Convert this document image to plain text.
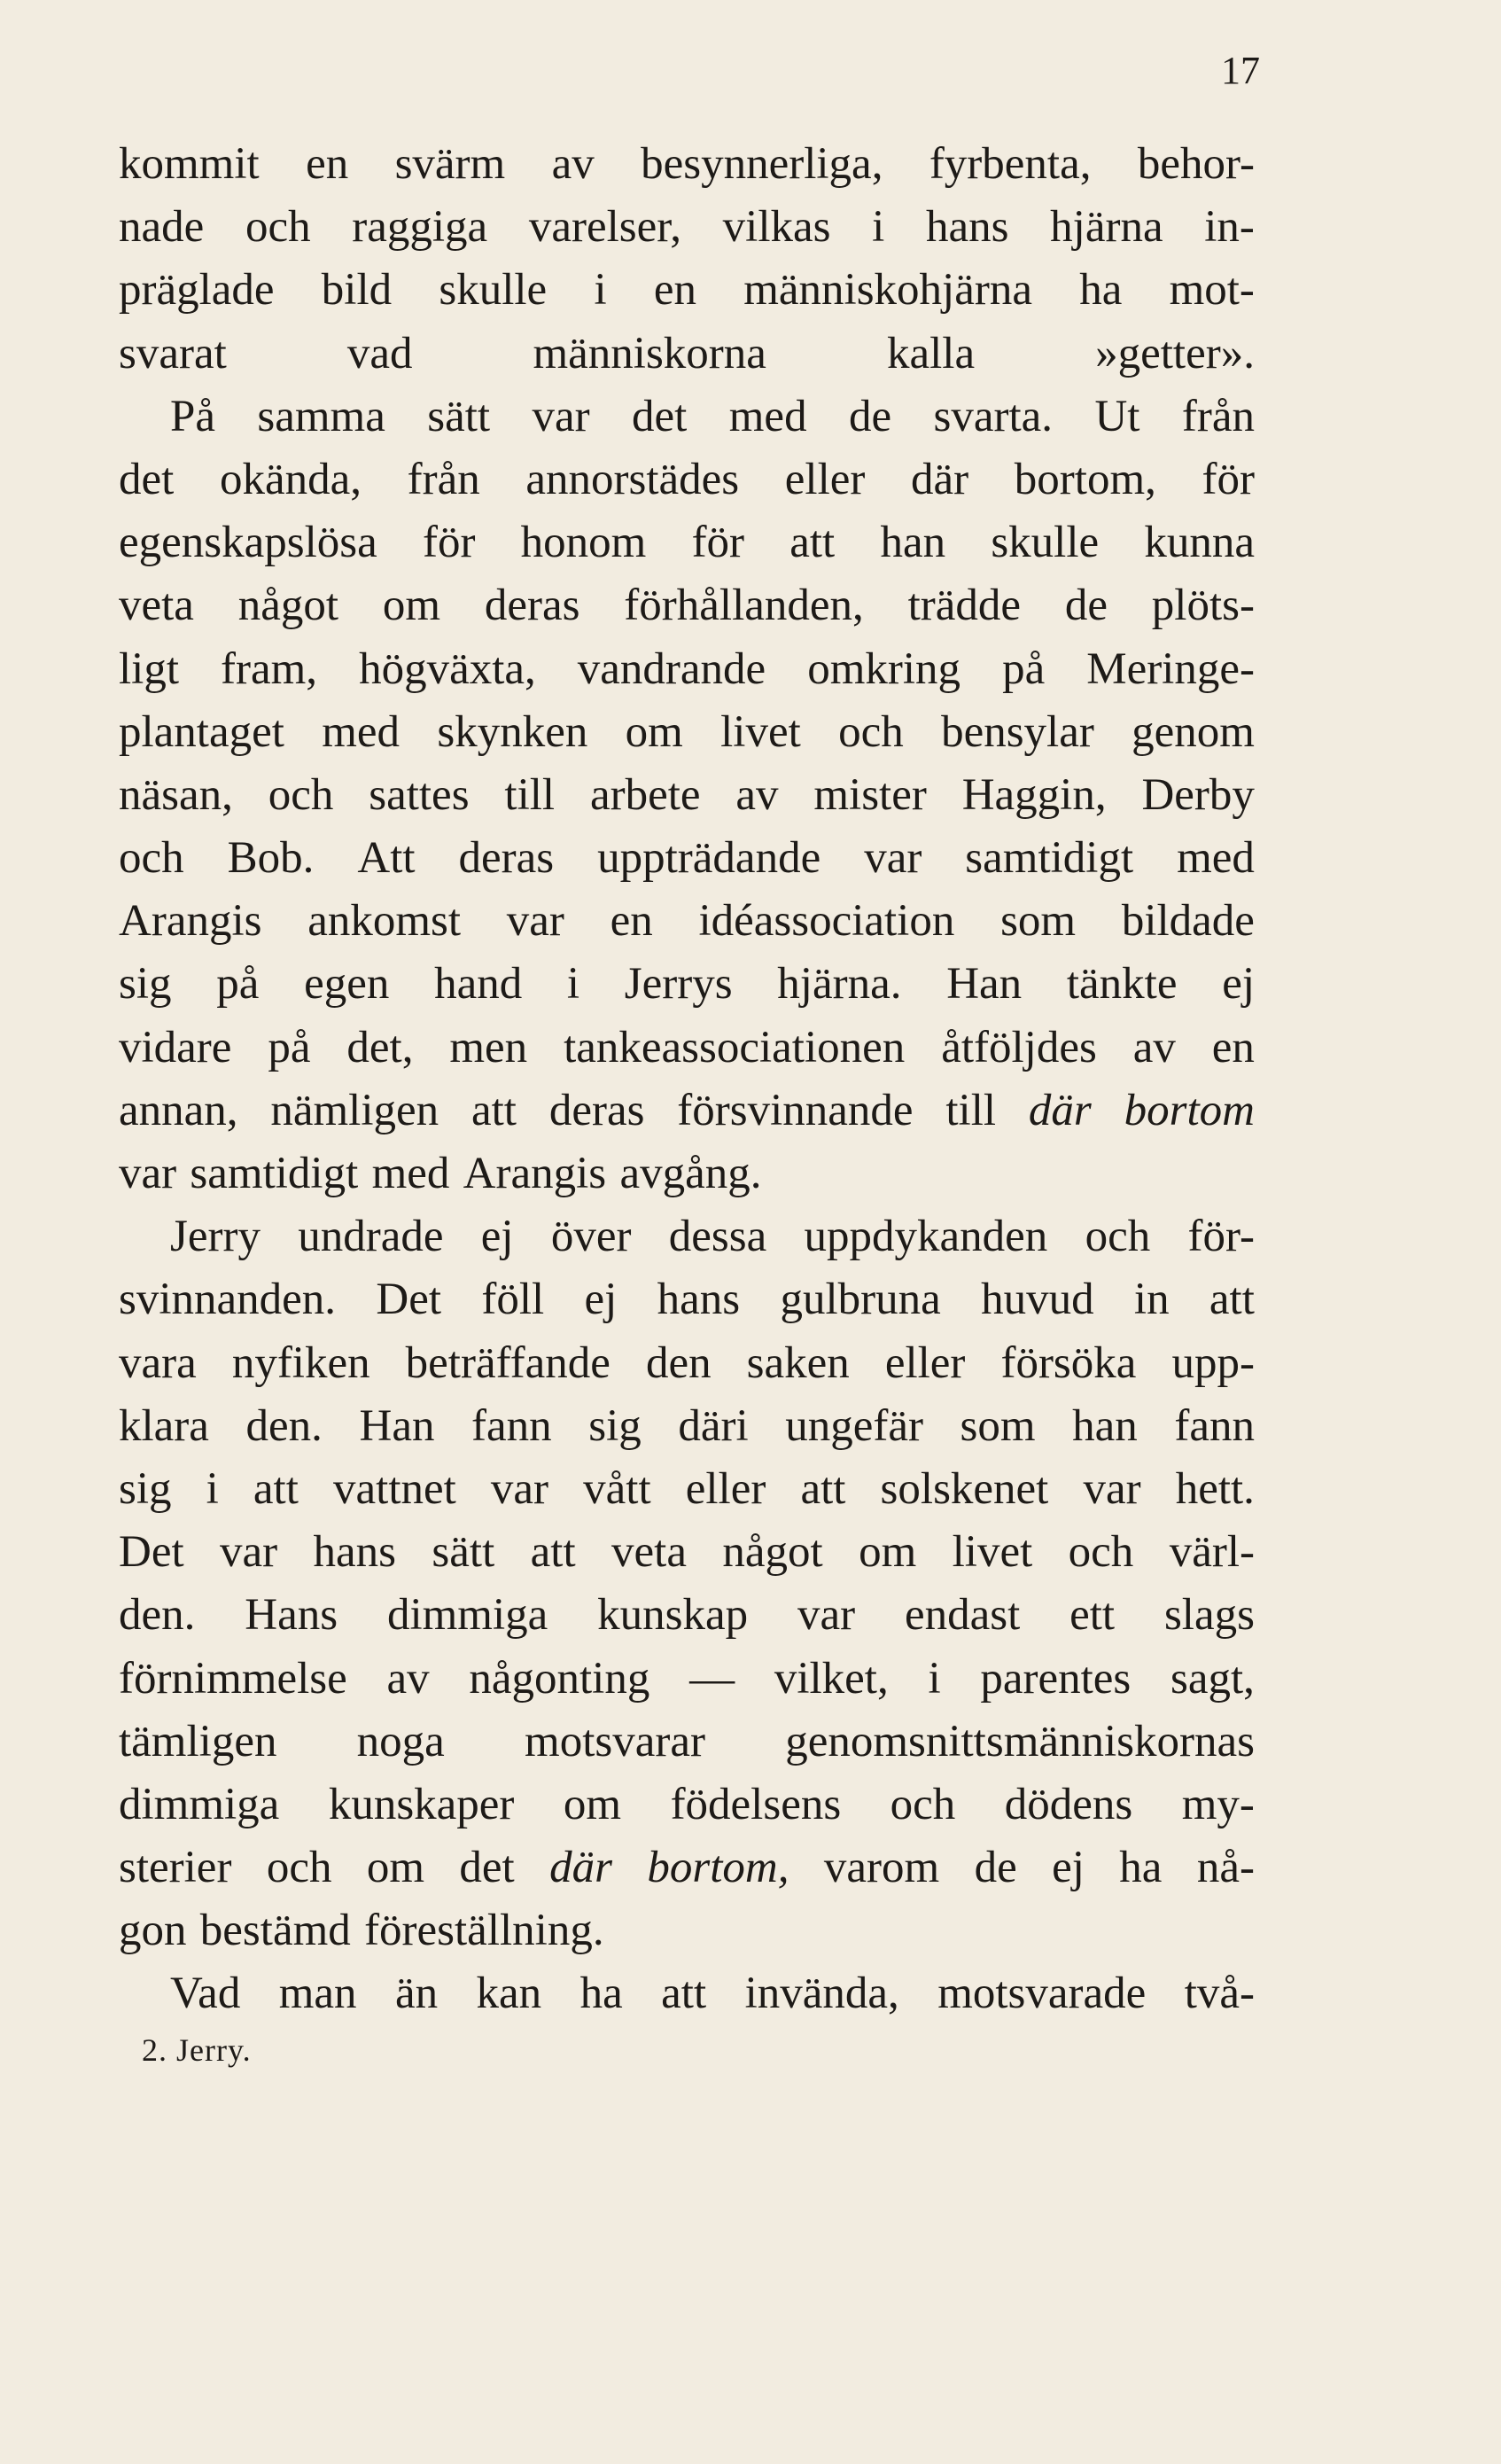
17
kommit en svärm av besynnerliga, fyrbenta, behor-
nade och raggiga varelser, vilkas i hans hjärna in-
präglade bild skulle i en människohjärna ha mot-
svarat	vad	människorna	kalla	»getter».
På samma sätt var det med de svarta. Ut från
det okända, från annorstädes eller där bortom, för
egenskapslösa för honom för att han skulle kunna
veta något om deras förhållanden, trädde de plöts-
ligt fram, högväxta, vandrande omkring på Meringe-
plantaget med skynken om livet och bensylar genom
näsan, och sattes till arbete av mister Haggin, Derby
och Bob. Att deras uppträdande var samtidigt med
Arangis ankomst var en idéassociation som bildade
sig på egen hand i Jerrys hjärna. Han tänkte ej
vidare på det, men tankeassociationen åtföljdes av en
annan, nämligen att deras försvinnande till där bortom
var samtidigt med Arangis avgång.
Jerry undrade ej över dessa uppdykanden och för-
svinnanden. Det föll ej hans gulbruna huvud in att
vara nyfiken beträffande den saken eller försöka upp-
klara den. Han fann sig däri ungefär som han fann
sig i att vattnet var vått eller att solskenet var hett.
Det var hans sätt att veta något om livet och värl-
den. Hans dimmiga kunskap var endast ett slags
förnimmelse av någonting — vilket, i parentes sagt,
tämligen noga motsvarar genomsnittsmänniskornas
dimmiga kunskaper om födelsens och dödens my-
sterier och om det där bortom, varom de ej ha nå-
gon bestämd föreställning.
Vad man än kan ha att invända, motsvarade två-
2. Jerry.
